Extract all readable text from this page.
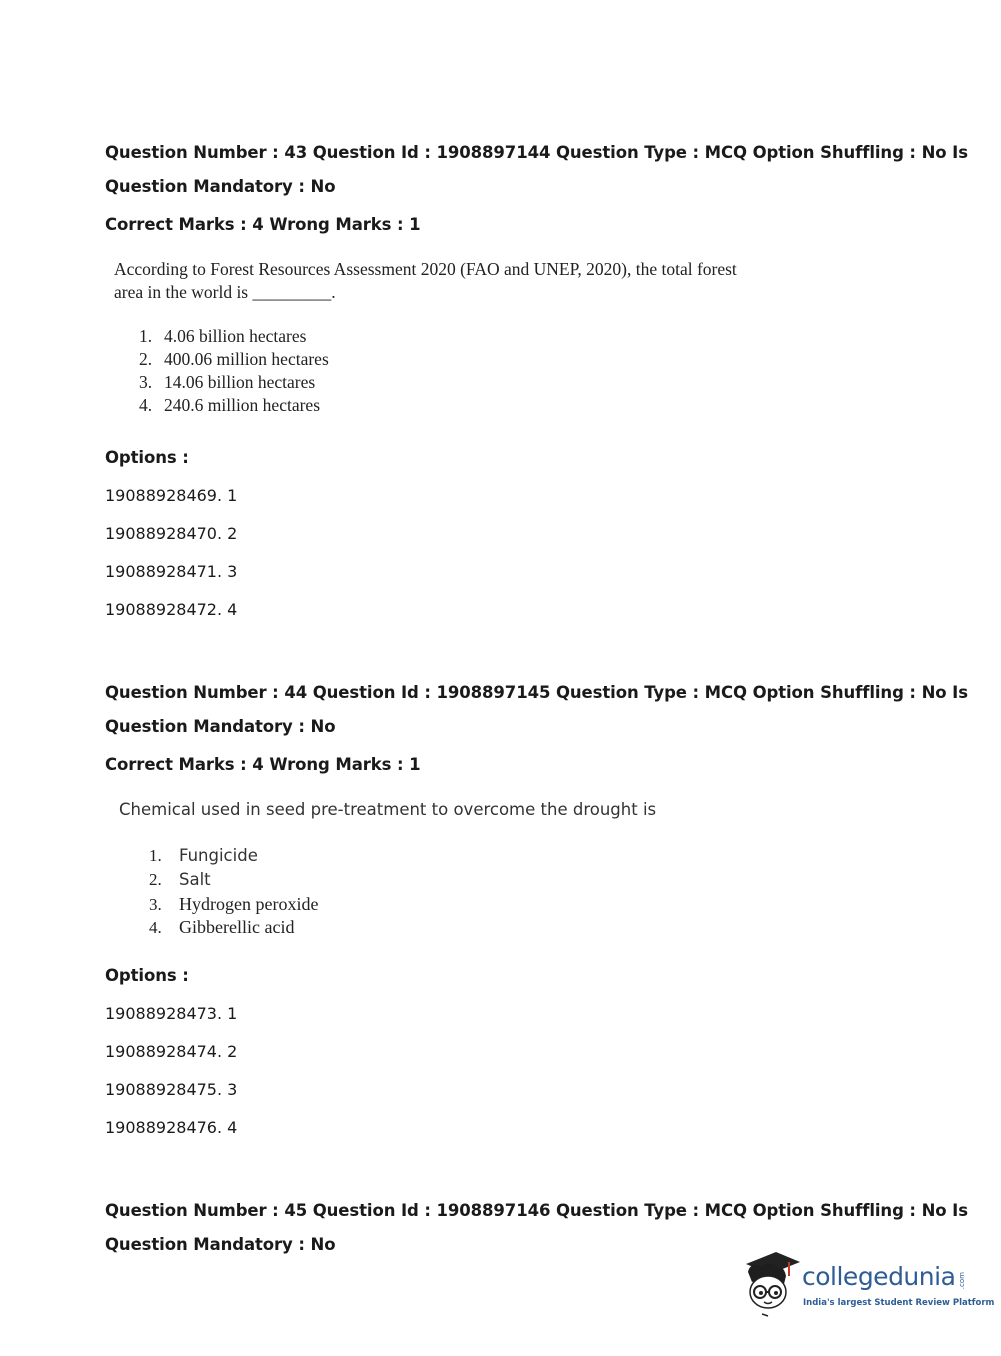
Question Number : 43 Question Id : 1908897144 Question Type : MCQ Option Shuffling : No Is
Question Mandatory : No
Correct Marks : 4 Wrong Marks : 1
According to Forest Resources Assessment 2020 (FAO and UNEP, 2020), the total forest
area in the world is _________.
1. 4.06 billion hectares
2. 400.06 million hectares
3. 14.06 billion hectares
4. 240.6 million hectares
Options :
19088928469. 1
19088928470. 2
19088928471. 3
19088928472. 4
Question Number : 44 Question Id : 1908897145 Question Type : MCQ Option Shuffling : No Is
Question Mandatory : No
Correct Marks : 4 Wrong Marks : 1
Chemical used in seed pre-treatment to overcome the drought is
1. Fungicide
2. Salt
3. Hydrogen peroxide
4. Gibberellic acid
Options :
19088928473. 1
19088928474. 2
19088928475. 3
19088928476. 4
Question Number : 45 Question Id : 1908897146 Question Type : MCQ Option Shuffling : No Is
Question Mandatory : No
collegedunia .com
India's largest Student Review Platform
